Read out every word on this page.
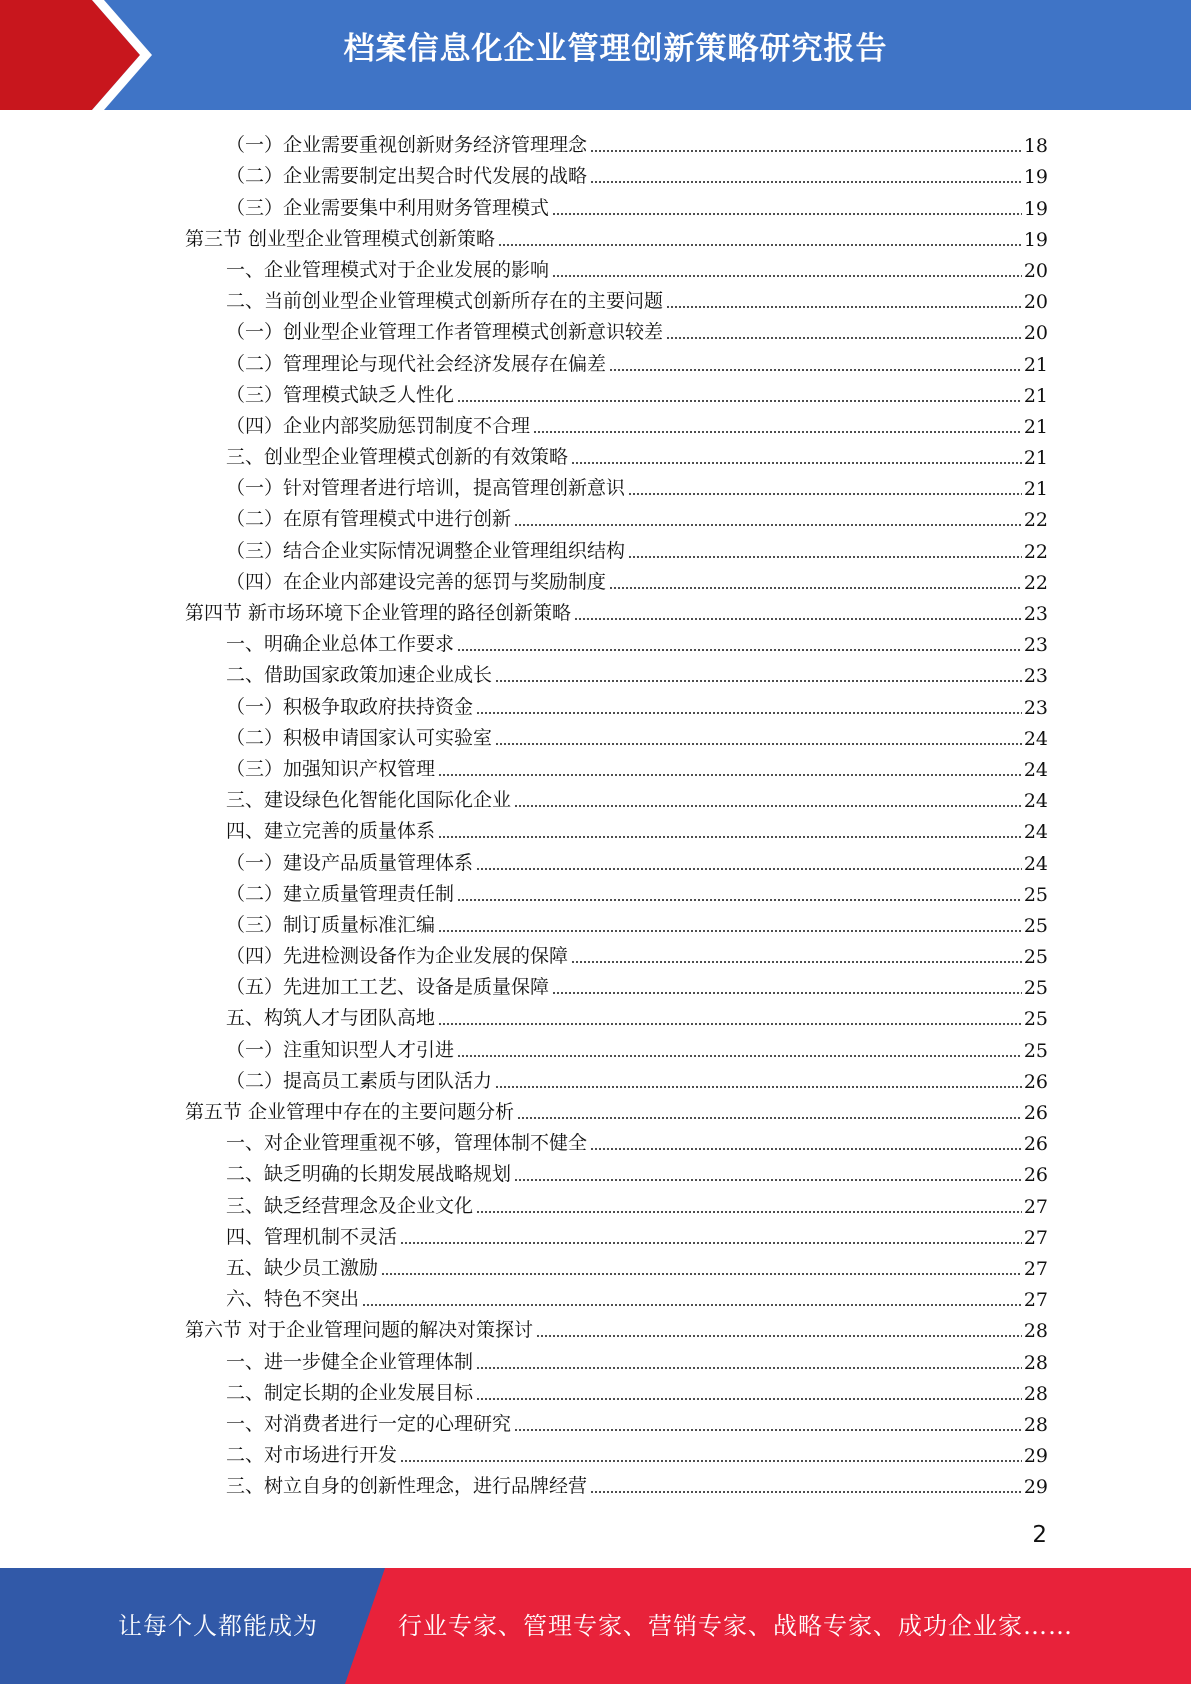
档案信息化企业管理创新策略研究报告
（一）企业需要重视创新财务经济管理理念	18
（二）企业需要制定出契合时代发展的战略	19
（三）企业需要集中利用财务管理模式	19
第三节 创业型企业管理模式创新策略	19
一、企业管理模式对于企业发展的影响	20
二、当前创业型企业管理模式创新所存在的主要问题	20
（一）创业型企业管理工作者管理模式创新意识较差	20
（二）管理理论与现代社会经济发展存在偏差	21
（三）管理模式缺乏人性化	21
（四）企业内部奖励惩罚制度不合理	21
三、创业型企业管理模式创新的有效策略	21
（一）针对管理者进行培训，提高管理创新意识	21
（二）在原有管理模式中进行创新	22
（三）结合企业实际情况调整企业管理组织结构	22
（四）在企业内部建设完善的惩罚与奖励制度	22
第四节 新市场环境下企业管理的路径创新策略	23
一、明确企业总体工作要求	23
二、借助国家政策加速企业成长	23
（一）积极争取政府扶持资金	23
（二）积极申请国家认可实验室	24
（三）加强知识产权管理	24
三、建设绿色化智能化国际化企业	24
四、建立完善的质量体系	24
（一）建设产品质量管理体系	24
（二）建立质量管理责任制	25
（三）制订质量标准汇编	25
（四）先进检测设备作为企业发展的保障	25
（五）先进加工工艺、设备是质量保障	25
五、构筑人才与团队高地	25
（一）注重知识型人才引进	25
（二）提高员工素质与团队活力	26
第五节 企业管理中存在的主要问题分析	26
一、对企业管理重视不够，管理体制不健全	26
二、缺乏明确的长期发展战略规划	26
三、缺乏经营理念及企业文化	27
四、管理机制不灵活	27
五、缺少员工激励	27
六、特色不突出	27
第六节 对于企业管理问题的解决对策探讨	28
一、进一步健全企业管理体制	28
二、制定长期的企业发展目标	28
一、对消费者进行一定的心理研究	28
二、对市场进行开发	29
三、树立自身的创新性理念，进行品牌经营	29
2
让每个人都能成为	行业专家、管理专家、营销专家、战略专家、成功企业家……
